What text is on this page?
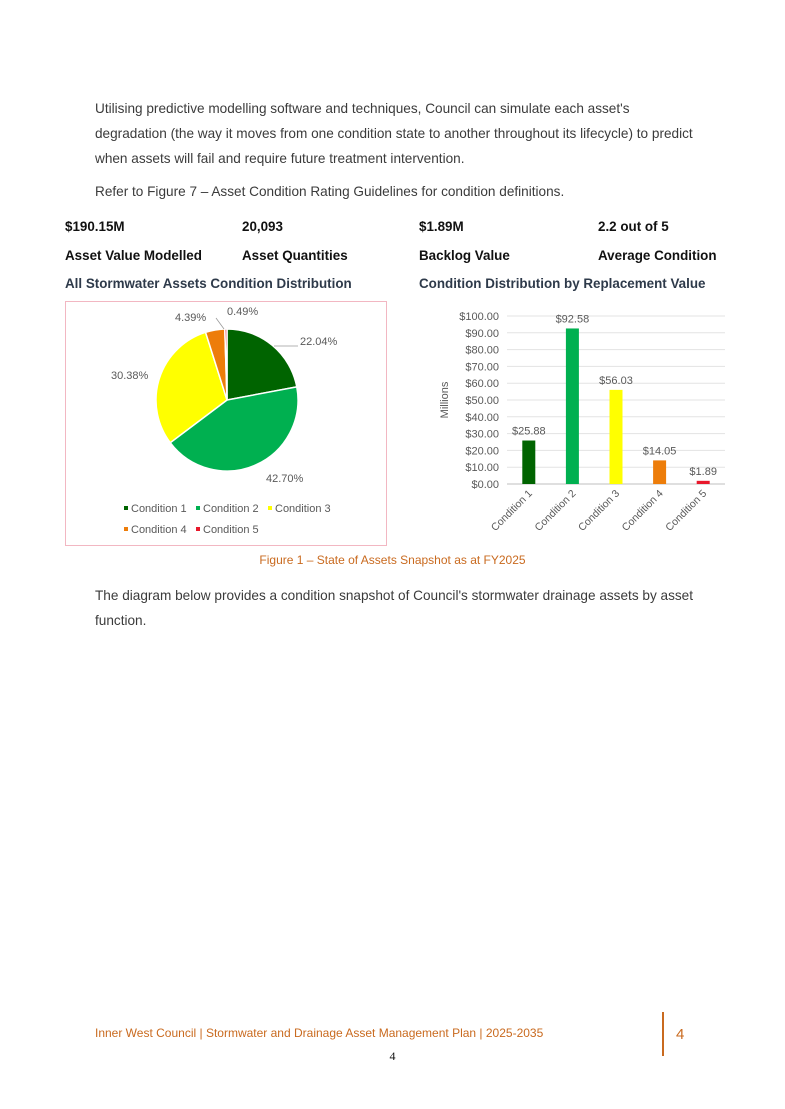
Utilising predictive modelling software and techniques, Council can simulate each asset's degradation (the way it moves from one condition state to another throughout its lifecycle) to predict when assets will fail and require future treatment intervention.

Refer to Figure 7 – Asset Condition Rating Guidelines for condition definitions.

$190.15M	20,093	$1.89M	2.2 out of 5
Asset Value Modelled	Asset Quantities	Backlog Value	Average Condition
All Stormwater Assets Condition Distribution	Condition Distribution by Replacement Value
22.04%
42.70%
30.38%
4.39% 0.49%
Condition 1 Condition 2 Condition 3
Condition 4 Condition 5
$0.00
$10.00
$20.00
$30.00
$40.00
$50.00
$60.00
$70.00
$80.00
$90.00
$100.00
Millions
$25.88
Condition 1
$92.58
Condition 2
$56.03
Condition 3
$14.05
Condition 4
$1.89
Condition 5
Figure 1 – State of Assets Snapshot as at FY2025

The diagram below provides a condition snapshot of Council's stormwater drainage assets by asset function.

Inner West Council | Stormwater and Drainage Asset Management Plan | 2025-2035	4
4
